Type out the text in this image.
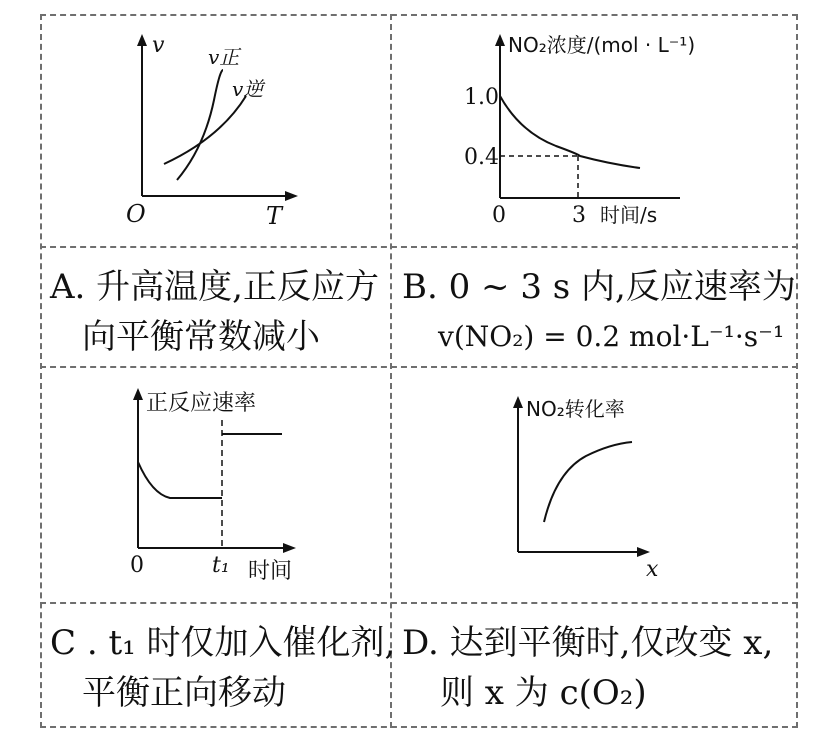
v
T
O
v正
v逆
NO₂浓度/(mol · L⁻¹)
时间/s
0
1.0
0.4
3
正反应速率
时间
0	t₁
NO₂转化率
x
A. 升高温度,正反应方
向平衡常数减小
B. 0 ~ 3 s 内,反应速率为
v(NO₂) = 0.2 mol·L⁻¹·s⁻¹
C . t₁ 时仅加入催化剂,
平衡正向移动
D. 达到平衡时,仅改变 x,
则 x 为 c(O₂)
